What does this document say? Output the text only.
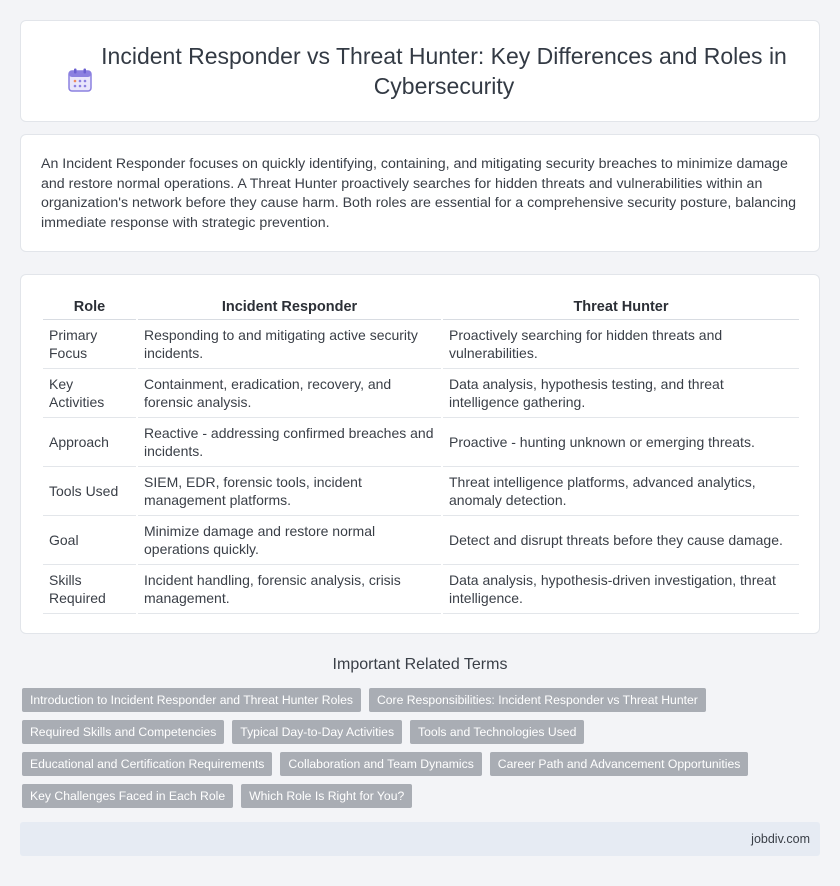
Incident Responder vs Threat Hunter: Key Differences and Roles in Cybersecurity

An Incident Responder focuses on quickly identifying, containing, and mitigating security breaches to minimize damage and restore normal operations. A Threat Hunter proactively searches for hidden threats and vulnerabilities within an organization's network before they cause harm. Both roles are essential for a comprehensive security posture, balancing immediate response with strategic prevention.

Role	Incident Responder	Threat Hunter
Primary Focus	Responding to and mitigating active security incidents.	Proactively searching for hidden threats and vulnerabilities.
Key Activities	Containment, eradication, recovery, and forensic analysis.	Data analysis, hypothesis testing, and threat intelligence gathering.
Approach	Reactive - addressing confirmed breaches and incidents.	Proactive - hunting unknown or emerging threats.
Tools Used	SIEM, EDR, forensic tools, incident management platforms.	Threat intelligence platforms, advanced analytics, anomaly detection.
Goal	Minimize damage and restore normal operations quickly.	Detect and disrupt threats before they cause damage.
Skills Required	Incident handling, forensic analysis, crisis management.	Data analysis, hypothesis-driven investigation, threat intelligence.
Important Related Terms
Introduction to Incident Responder and Threat Hunter Roles	Core Responsibilities: Incident Responder vs Threat Hunter
Required Skills and Competencies	Typical Day-to-Day Activities	Tools and Technologies Used
Educational and Certification Requirements	Collaboration and Team Dynamics	Career Path and Advancement Opportunities
Key Challenges Faced in Each Role	Which Role Is Right for You?
jobdiv.com
